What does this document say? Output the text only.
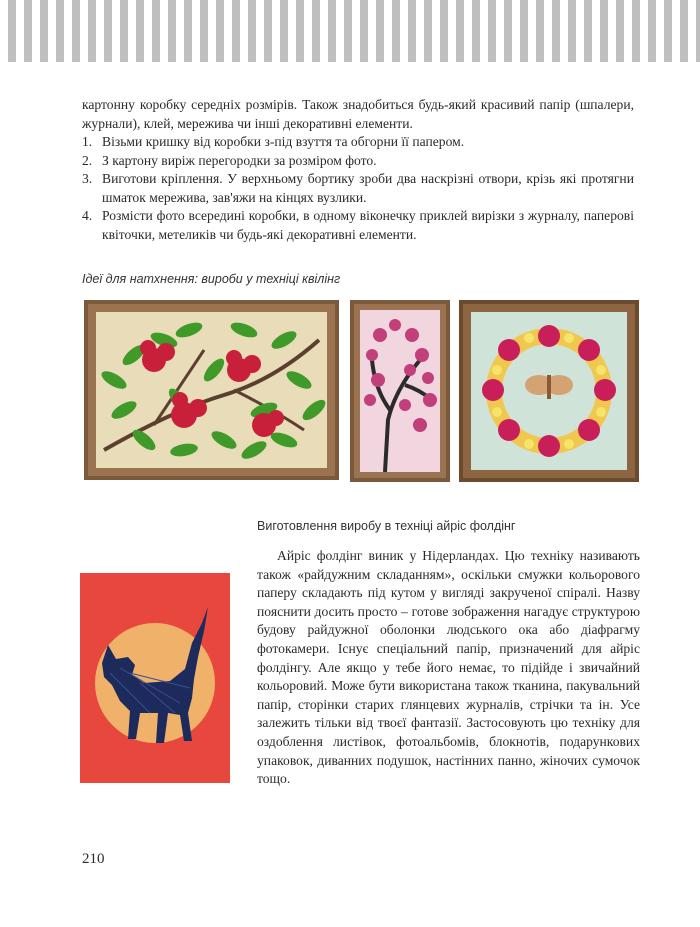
картонну коробку середніх розмірів. Також знадобиться будь-який красивий папір (шпалери, журнали), клей, мережива чи інші декоративні елементи.

1. Візьми кришку від коробки з-під взуття та обгорни її папером.
2. З картону виріж перегородки за розміром фото.
3. Виготови кріплення. У верхньому бортику зроби два наскрізні отвори, крізь які протягни шматок мережива, зав'яжи на кінцях вузлики.
4. Розмісти фото всередині коробки, в одному віконечку приклей вирізки з журналу, паперові квіточки, метеликів чи будь-які декоративні елементи.
Ідеї для натхнення: вироби у техніці квілінг
Виготовлення виробу в техніці айріс фолдінг

Айріс фолдінг виник у Нідерландах. Цю техніку називають також «райдужним складанням», оскільки смужки кольорового паперу складають під кутом у вигляді закрученої спіралі. Назву пояснити досить просто – готове зображення нагадує структурою будову райдужної оболонки людського ока або діафрагму фотокамери. Існує спеціальний папір, призначений для айріс фолдінгу. Але якщо у тебе його немає, то підійде і звичайний кольоровий. Може бути використана також тканина, пакувальний папір, сторінки старих глянцевих журналів, стрічки та ін. Усе залежить тільки від твоєї фантазії. Застосовують цю техніку для оздоблення листівок, фотоальбомів, блокнотів, подарункових упаковок, диванних подушок, настінних панно, жіночих сумочок тощо.

210
